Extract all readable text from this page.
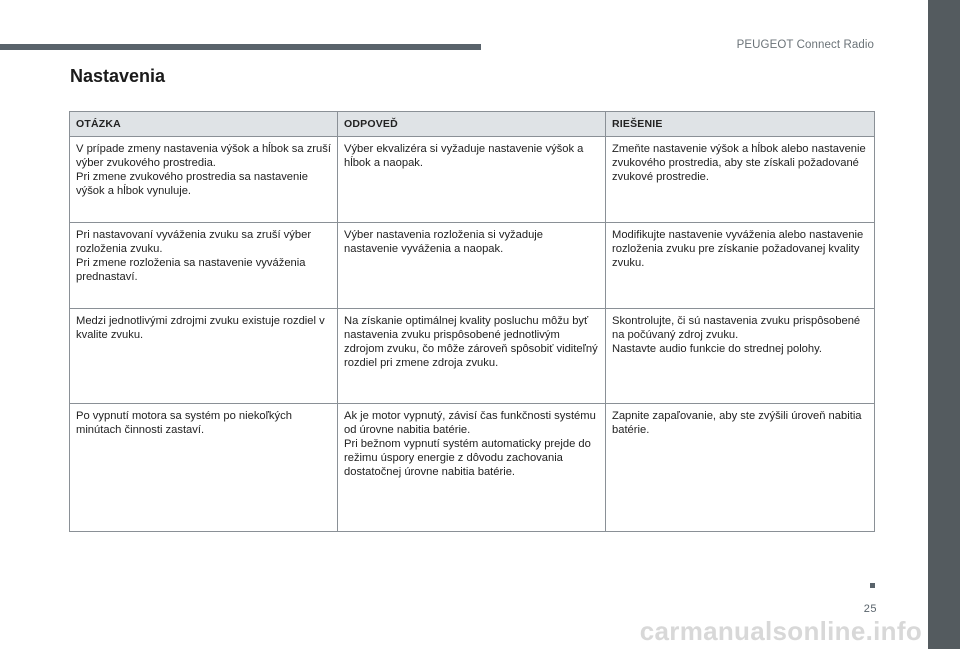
PEUGEOT Connect Radio
Nastavenia
OTÁZKA	ODPOVEĎ	RIEŠENIE

V prípade zmeny nastavenia výšok a hĺbok sa zruší výber zvukového prostredia.
Pri zmene zvukového prostredia sa nastavenie výšok a hĺbok vynuluje.	Výber ekvalizéra si vyžaduje nastavenie výšok a hĺbok a naopak.	Zmeňte nastavenie výšok a hĺbok alebo nastavenie zvukového prostredia, aby ste získali požadované zvukové prostredie.

Pri nastavovaní vyváženia zvuku sa zruší výber rozloženia zvuku.
Pri zmene rozloženia sa nastavenie vyváženia prednastaví.	Výber nastavenia rozloženia si vyžaduje nastavenie vyváženia a naopak.	Modifikujte nastavenie vyváženia alebo nastavenie rozloženia zvuku pre získanie požadovanej kvality zvuku.

Medzi jednotlivými zdrojmi zvuku existuje rozdiel v kvalite zvuku.	Na získanie optimálnej kvality posluchu môžu byť nastavenia zvuku prispôsobené jednotlivým zdrojom zvuku, čo môže zároveň spôsobiť viditeľný rozdiel pri zmene zdroja zvuku.	Skontrolujte, či sú nastavenia zvuku prispôsobené na počúvaný zdroj zvuku.
Nastavte audio funkcie do strednej polohy.

Po vypnutí motora sa systém po niekoľkých minútach činnosti zastaví.	Ak je motor vypnutý, závisí čas funkčnosti systému od úrovne nabitia batérie.
Pri bežnom vypnutí systém automaticky prejde do režimu úspory energie z dôvodu zachovania dostatočnej úrovne nabitia batérie.	Zapnite zapaľovanie, aby ste zvýšili úroveň nabitia batérie.
25
carmanualsonline.info
